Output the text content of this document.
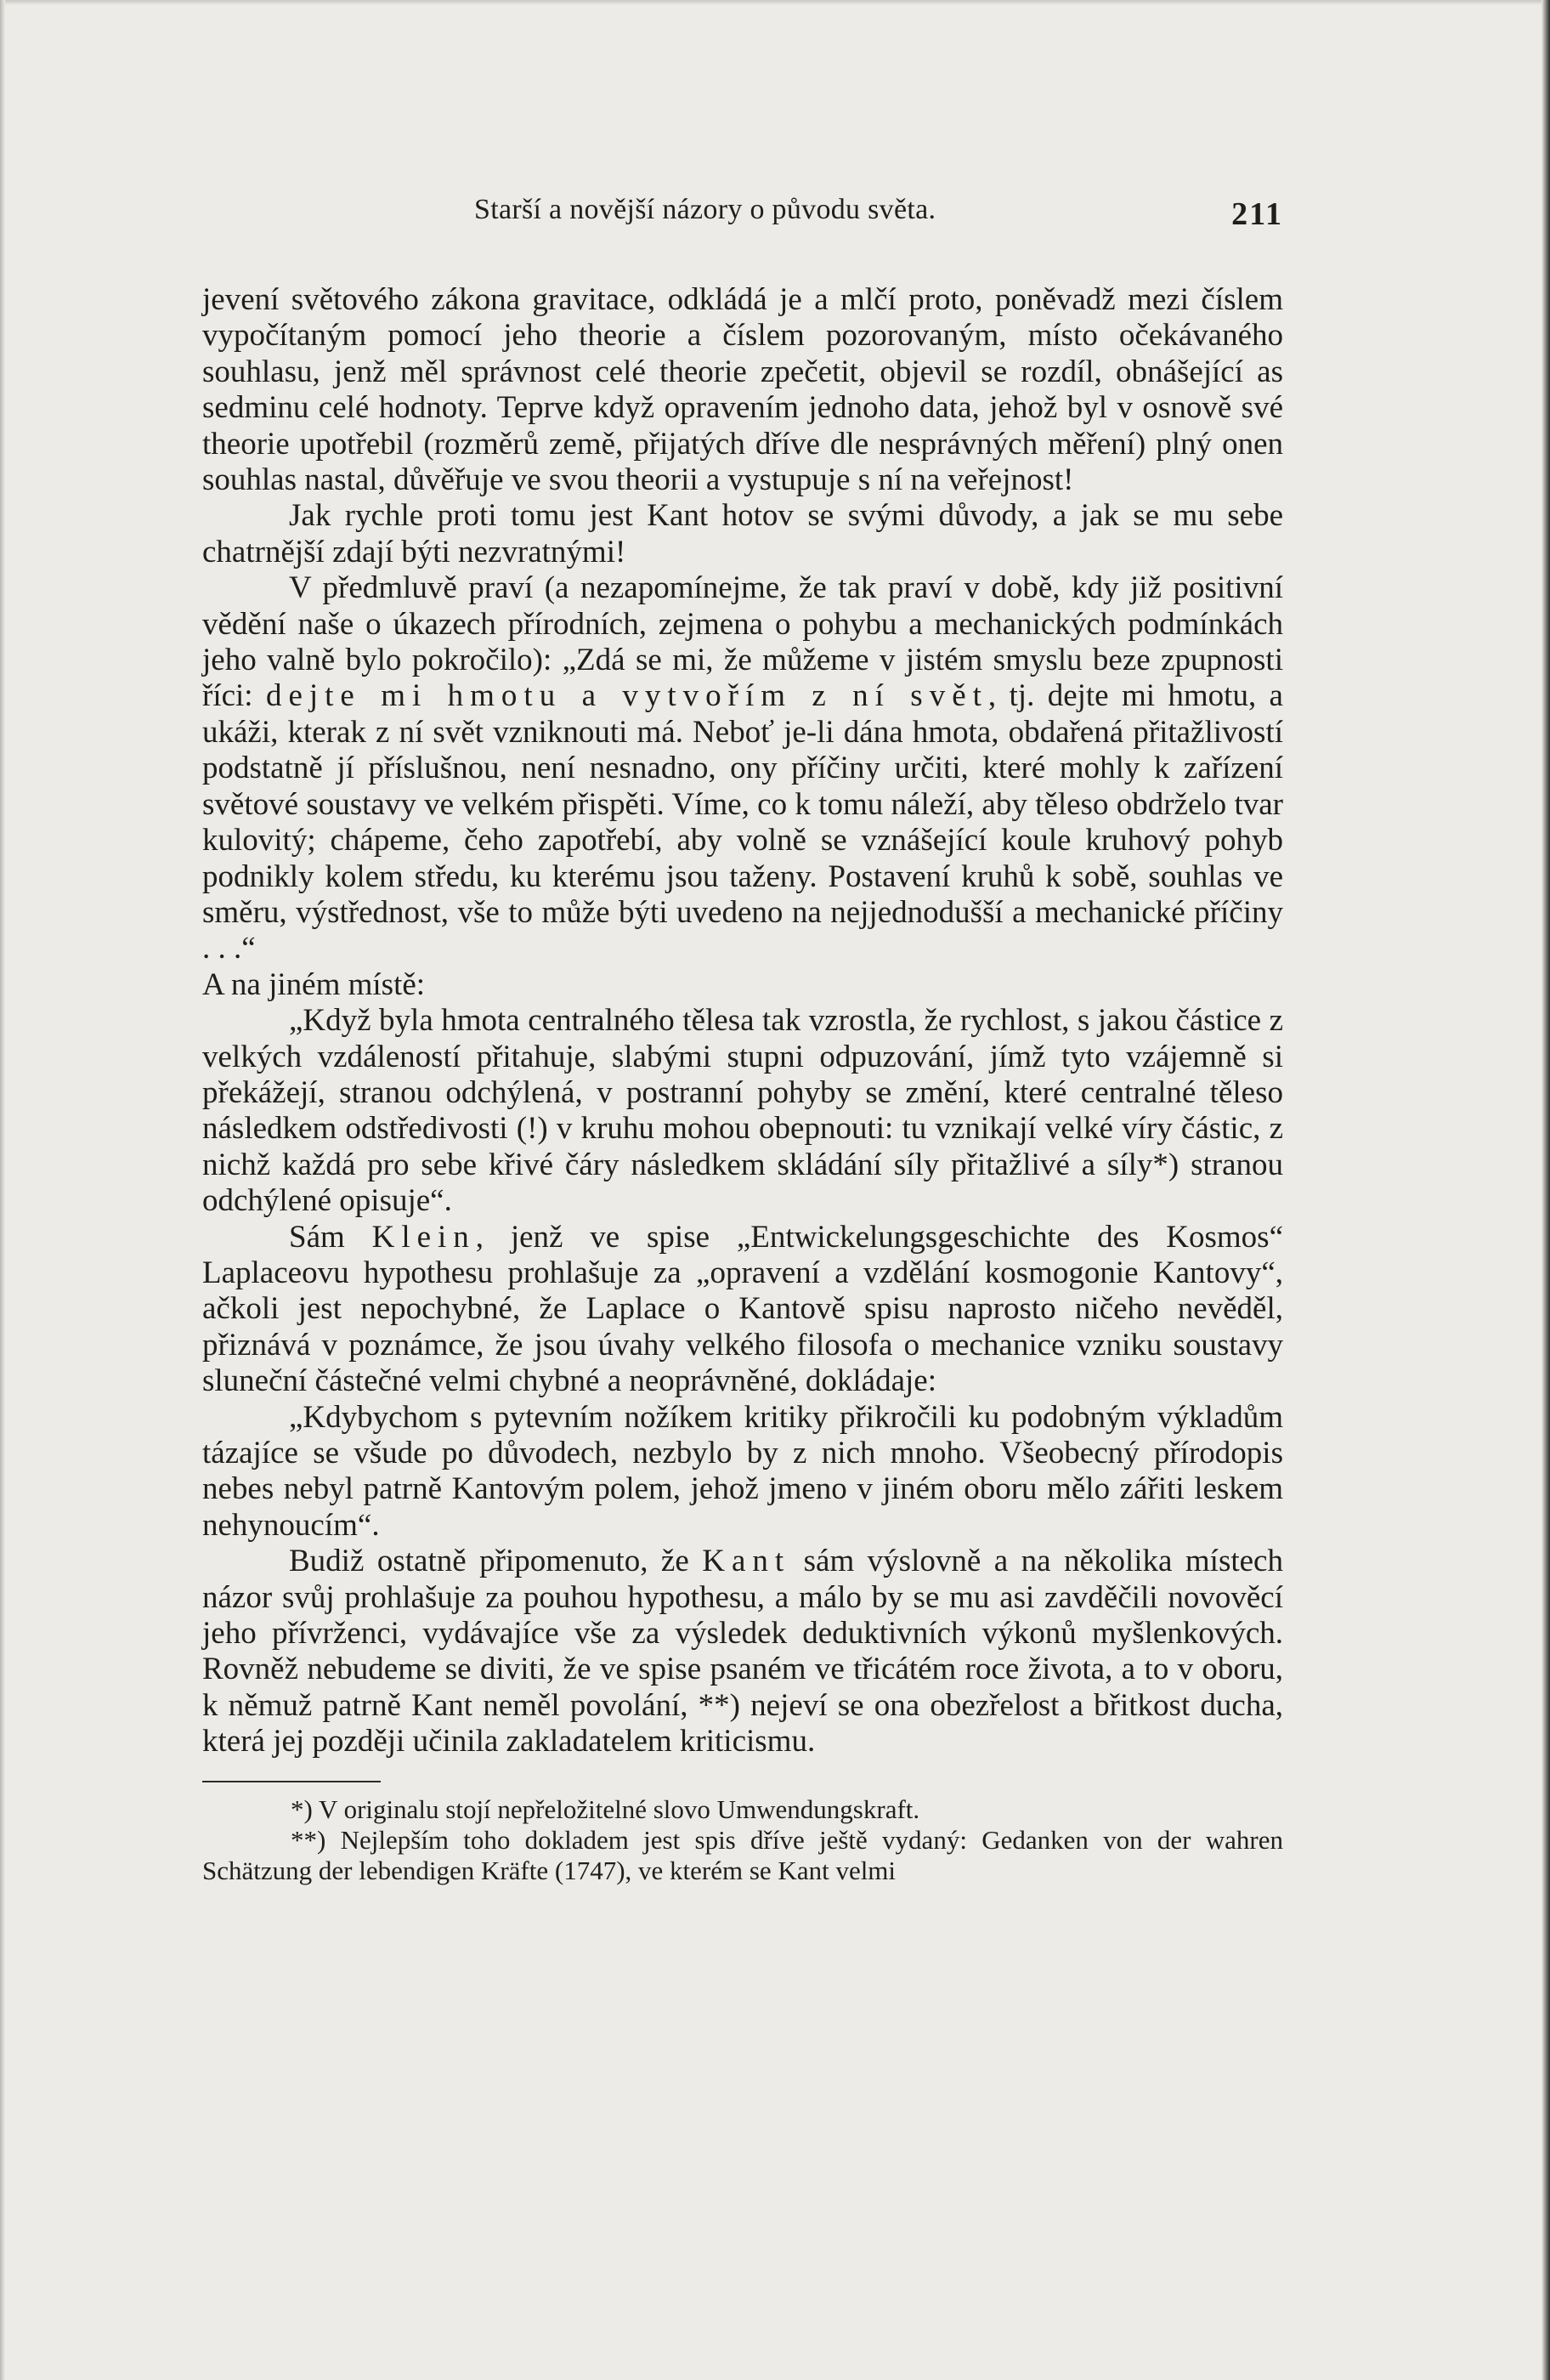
Starší a novější názory o původu světa.	211

jevení světového zákona gravitace, odkládá je a mlčí proto, poněvadž mezi číslem vypočítaným pomocí jeho theorie a číslem pozorovaným, místo očekávaného souhlasu, jenž měl správnost celé theorie zpečetit, objevil se rozdíl, obnášející as sedminu celé hodnoty. Teprve když opravením jednoho data, jehož byl v osnově své theorie upotřebil (rozměrů země, přijatých dříve dle nesprávných měření) plný onen souhlas nastal, důvěřuje ve svou theorii a vystupuje s ní na veřejnost!

Jak rychle proti tomu jest Kant hotov se svými důvody, a jak se mu sebe chatrnější zdají býti nezvratnými!

V předmluvě praví (a nezapomínejme, že tak praví v době, kdy již positivní vědění naše o úkazech přírodních, zejmena o pohybu a mechanických podmínkách jeho valně bylo pokročilo): „Zdá se mi, že můžeme v jistém smyslu beze zpupnosti říci: dejte mi hmotu a vytvořím z ní svět, tj. dejte mi hmotu, a ukáži, kterak z ní svět vzniknouti má. Neboť je-li dána hmota, obdařená přitažlivostí podstatně jí příslušnou, není nesnadno, ony příčiny určiti, které mohly k zařízení světové soustavy ve velkém přispěti. Víme, co k tomu náleží, aby těleso obdrželo tvar kulovitý; chápeme, čeho zapotřebí, aby volně se vznášející koule kruhový pohyb podnikly kolem středu, ku kterému jsou taženy. Postavení kruhů k sobě, souhlas ve směru, výstřednost, vše to může býti uvedeno na nejjednodušší a mechanické příčiny . . .“

A na jiném místě:

„Když byla hmota centralného tělesa tak vzrostla, že rychlost, s jakou částice z velkých vzdáleností přitahuje, slabými stupni odpuzování, jímž tyto vzájemně si překážejí, stranou odchýlená, v postranní pohyby se změní, které centralné těleso následkem odstředivosti (!) v kruhu mohou obepnouti: tu vznikají velké víry částic, z nichž každá pro sebe křivé čáry následkem skládání síly přitažlivé a síly*) stranou odchýlené opisuje“.

Sám Klein, jenž ve spise „Entwickelungsgeschichte des Kosmos“ Laplaceovu hypothesu prohlašuje za „opravení a vzdělání kosmogonie Kantovy“, ačkoli jest nepochybné, že Laplace o Kantově spisu naprosto ničeho nevěděl, přiznává v poznámce, že jsou úvahy velkého filosofa o mechanice vzniku soustavy sluneční částečné velmi chybné a neoprávněné, dokládaje:

„Kdybychom s pytevním nožíkem kritiky přikročili ku podobným výkladům tázajíce se všude po důvodech, nezbylo by z nich mnoho. Všeobecný přírodopis nebes nebyl patrně Kantovým polem, jehož jmeno v jiném oboru mělo zářiti leskem nehynoucím“.

Budiž ostatně připomenuto, že Kant sám výslovně a na několika místech názor svůj prohlašuje za pouhou hypothesu, a málo by se mu asi zavděčili novověcí jeho přívrženci, vydávajíce vše za výsledek deduktivních výkonů myšlenkových. Rovněž nebudeme se diviti, že ve spise psaném ve třicátém roce života, a to v oboru, k němuž patrně Kant neměl povolání, **) nejeví se ona obezřelost a břitkost ducha, která jej později učinila zakladatelem kriticismu.

*) V originalu stojí nepřeložitelné slovo Umwendungskraft.

**) Nejlepším toho dokladem jest spis dříve ještě vydaný: Gedanken von der wahren Schätzung der lebendigen Kräfte (1747), ve kterém se Kant velmi
